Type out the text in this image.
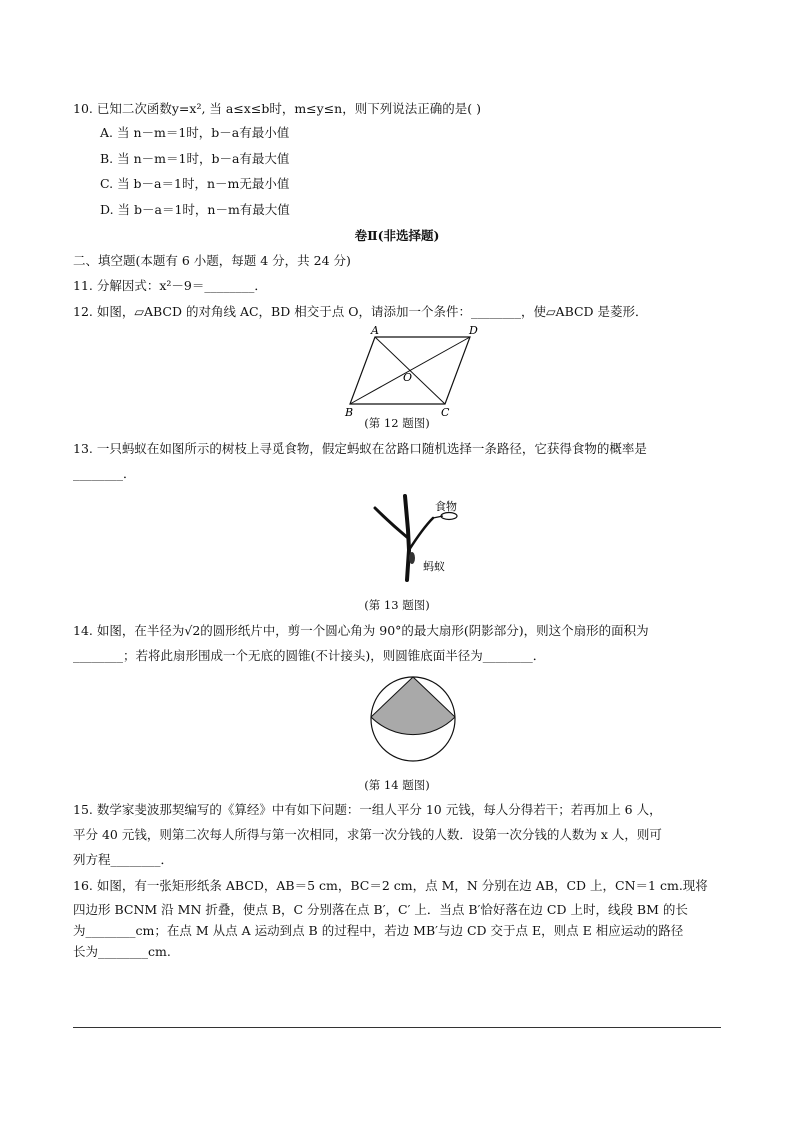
10. 已知二次函数y=x², 当 a≤x≤b时，m≤y≤n，则下列说法正确的是( )
A. 当 n－m＝1时，b－a有最小值
B. 当 n－m＝1时，b－a有最大值
C. 当 b－a＝1时，n－m无最小值
D. 当 b－a＝1时，n－m有最大值
卷Ⅱ(非选择题)
二、填空题(本题有 6 小题，每题 4 分，共 24 分)
11. 分解因式：x²－9＝________．
12. 如图，▱ABCD 的对角线 AC，BD 相交于点 O，请添加一个条件：________，使▱ABCD 是菱形．
A	D
B	C
O
(第 12 题图)
13. 一只蚂蚁在如图所示的树枝上寻觅食物，假定蚂蚁在岔路口随机选择一条路径，它获得食物的概率是
________．
食物
蚂蚁
(第 13 题图)
14. 如图，在半径为√2的圆形纸片中，剪一个圆心角为 90°的最大扇形(阴影部分)，则这个扇形的面积为
________；若将此扇形围成一个无底的圆锥(不计接头)，则圆锥底面半径为________．
(第 14 题图)
15. 数学家斐波那契编写的《算经》中有如下问题：一组人平分 10 元钱，每人分得若干；若再加上 6 人，
平分 40 元钱，则第二次每人所得与第一次相同，求第一次分钱的人数．设第一次分钱的人数为 x 人，则可
列方程________．
16. 如图，有一张矩形纸条 ABCD，AB＝5 cm，BC＝2 cm，点 M，N 分别在边 AB，CD 上，CN＝1 cm.现将
四边形 BCNM 沿 MN 折叠，使点 B，C 分别落在点 B′，C′ 上．当点 B′恰好落在边 CD 上时，线段 BM 的长
为________cm；在点 M 从点 A 运动到点 B 的过程中，若边 MB′与边 CD 交于点 E，则点 E 相应运动的路径
长为________cm.
